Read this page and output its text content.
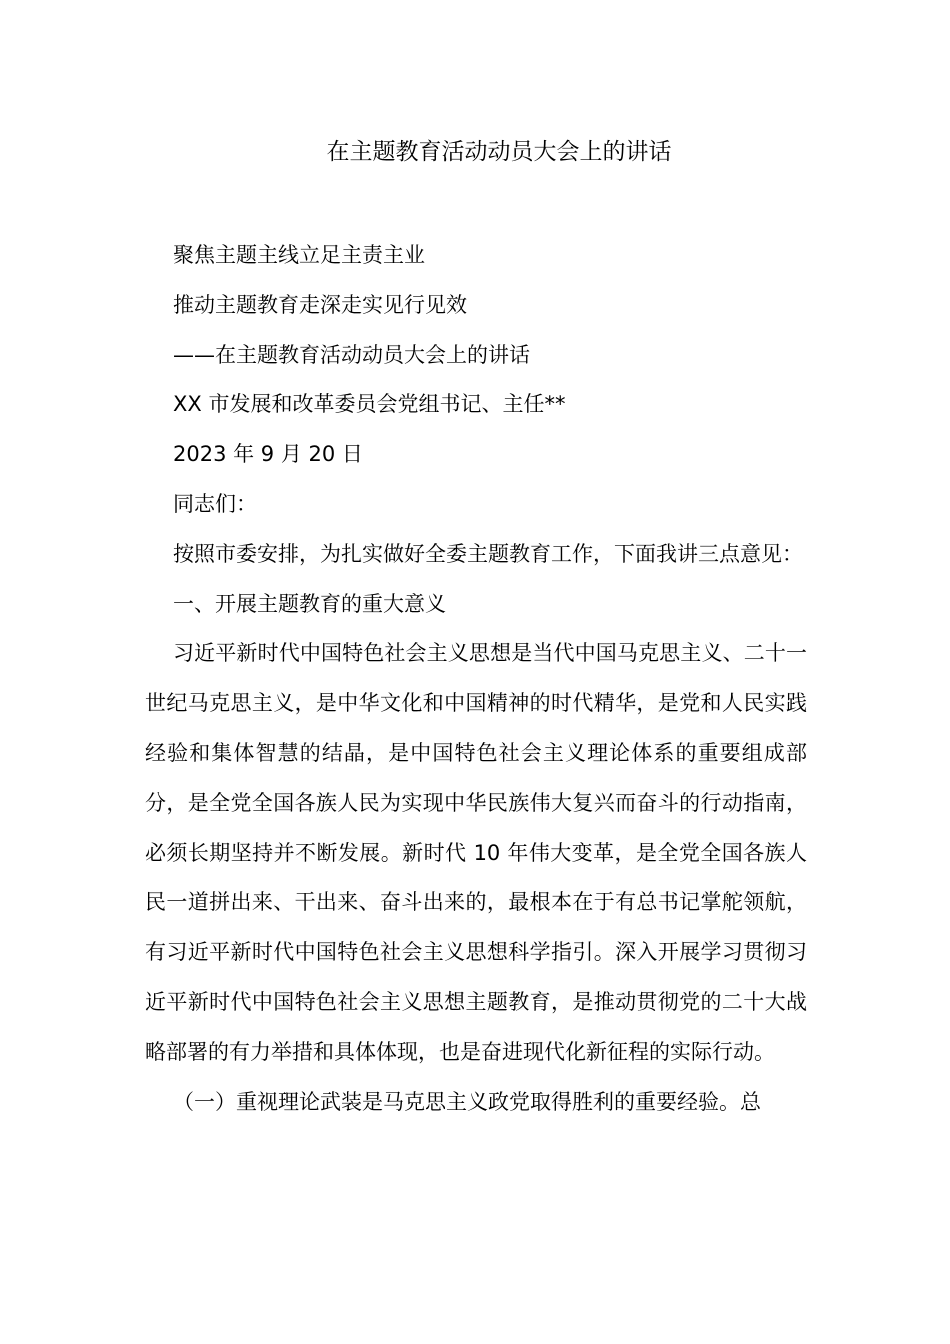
在主题教育活动动员大会上的讲话

聚焦主题主线立足主责主业

推动主题教育走深走实见行见效

——在主题教育活动动员大会上的讲话

XX 市发展和改革委员会党组书记、主任**

2023 年 9 月 20 日

同志们：

按照市委安排，为扎实做好全委主题教育工作，下面我讲三点意见：

一、开展主题教育的重大意义

习近平新时代中国特色社会主义思想是当代中国马克思主义、二十一世纪马克思主义，是中华文化和中国精神的时代精华，是党和人民实践经验和集体智慧的结晶，是中国特色社会主义理论体系的重要组成部分，是全党全国各族人民为实现中华民族伟大复兴而奋斗的行动指南，必须长期坚持并不断发展。新时代 10 年伟大变革，是全党全国各族人民一道拼出来、干出来、奋斗出来的，最根本在于有总书记掌舵领航，有习近平新时代中国特色社会主义思想科学指引。深入开展学习贯彻习近平新时代中国特色社会主义思想主题教育，是推动贯彻党的二十大战略部署的有力举措和具体体现，也是奋进现代化新征程的实际行动。

（一）重视理论武装是马克思主义政党取得胜利的重要经验。总
